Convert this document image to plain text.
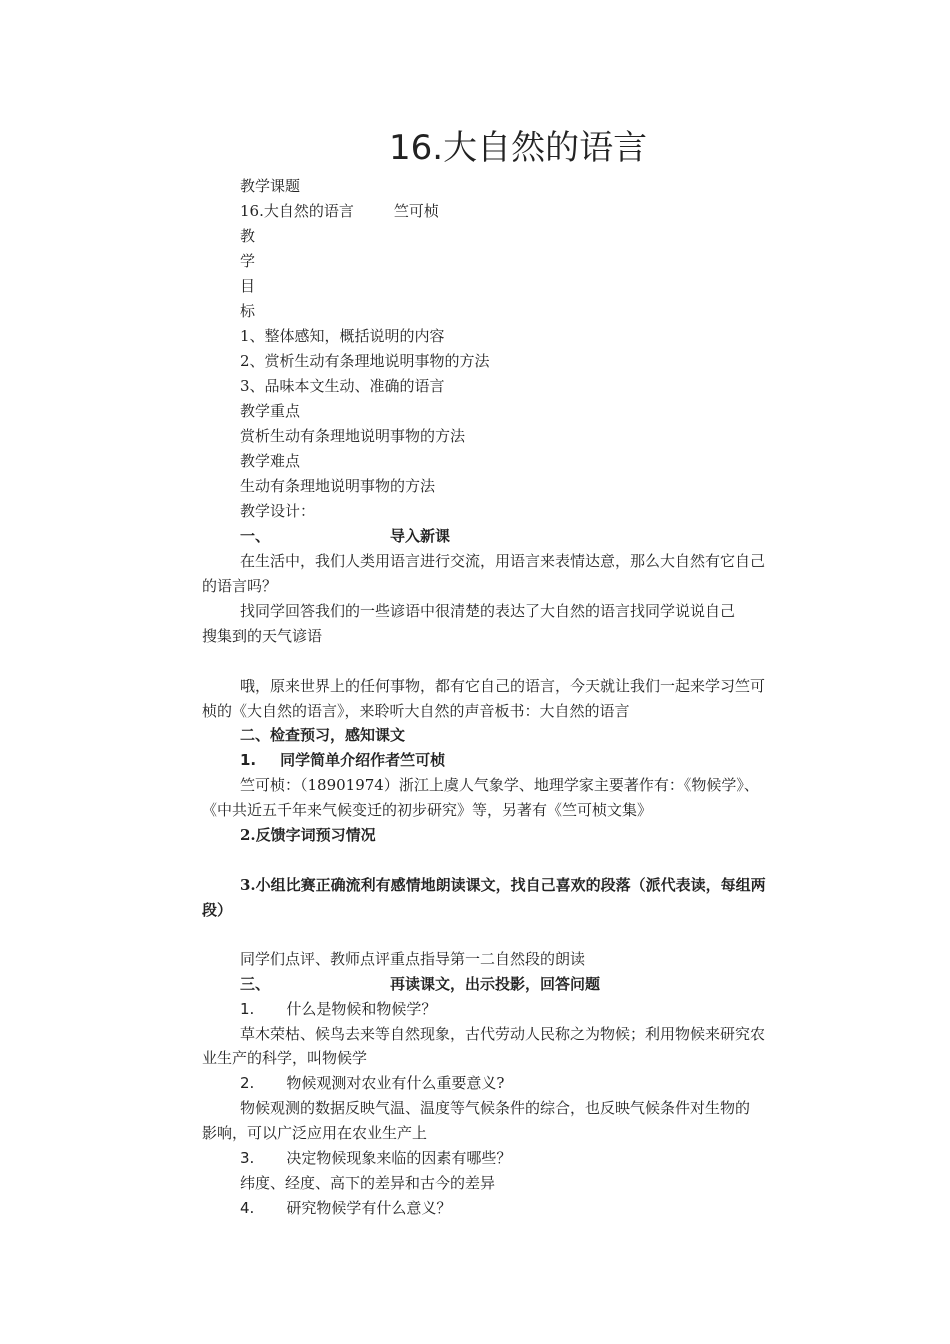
16.大自然的语言
教学课题
16.大自然的语言	竺可桢
教
学
目
标
1、整体感知，概括说明的内容
2、赏析生动有条理地说明事物的方法
3、品味本文生动、准确的语言
教学重点
赏析生动有条理地说明事物的方法
教学难点
生动有条理地说明事物的方法
教学设计：
一、	导入新课
在生活中，我们人类用语言进行交流，用语言来表情达意，那么大自然有它自己
的语言吗？
找同学回答我们的一些谚语中很清楚的表达了大自然的语言找同学说说自己
搜集到的天气谚语
哦，原来世界上的任何事物，都有它自己的语言，今天就让我们一起来学习竺可
桢的《大自然的语言》，来聆听大自然的声音板书：大自然的语言
二、检查预习，感知课文
1. 同学简单介绍作者竺可桢
竺可桢：（18901974）浙江上虞人气象学、地理学家主要著作有：《物候学》、
《中共近五千年来气候变迁的初步研究》等，另著有《竺可桢文集》
2.反馈字词预习情况
3.小组比赛正确流利有感情地朗读课文，找自己喜欢的段落（派代表读，每组两
段）
同学们点评、教师点评重点指导第一二自然段的朗读
三、	再读课文，出示投影，回答问题
1. 什么是物候和物候学？
草木荣枯、候鸟去来等自然现象，古代劳动人民称之为物候；利用物候来研究农
业生产的科学，叫物候学
2. 物候观测对农业有什么重要意义?
物候观测的数据反映气温、温度等气候条件的综合，也反映气候条件对生物的
影响，可以广泛应用在农业生产上
3. 决定物候现象来临的因素有哪些？
纬度、经度、高下的差异和古今的差异
4. 研究物候学有什么意义？
